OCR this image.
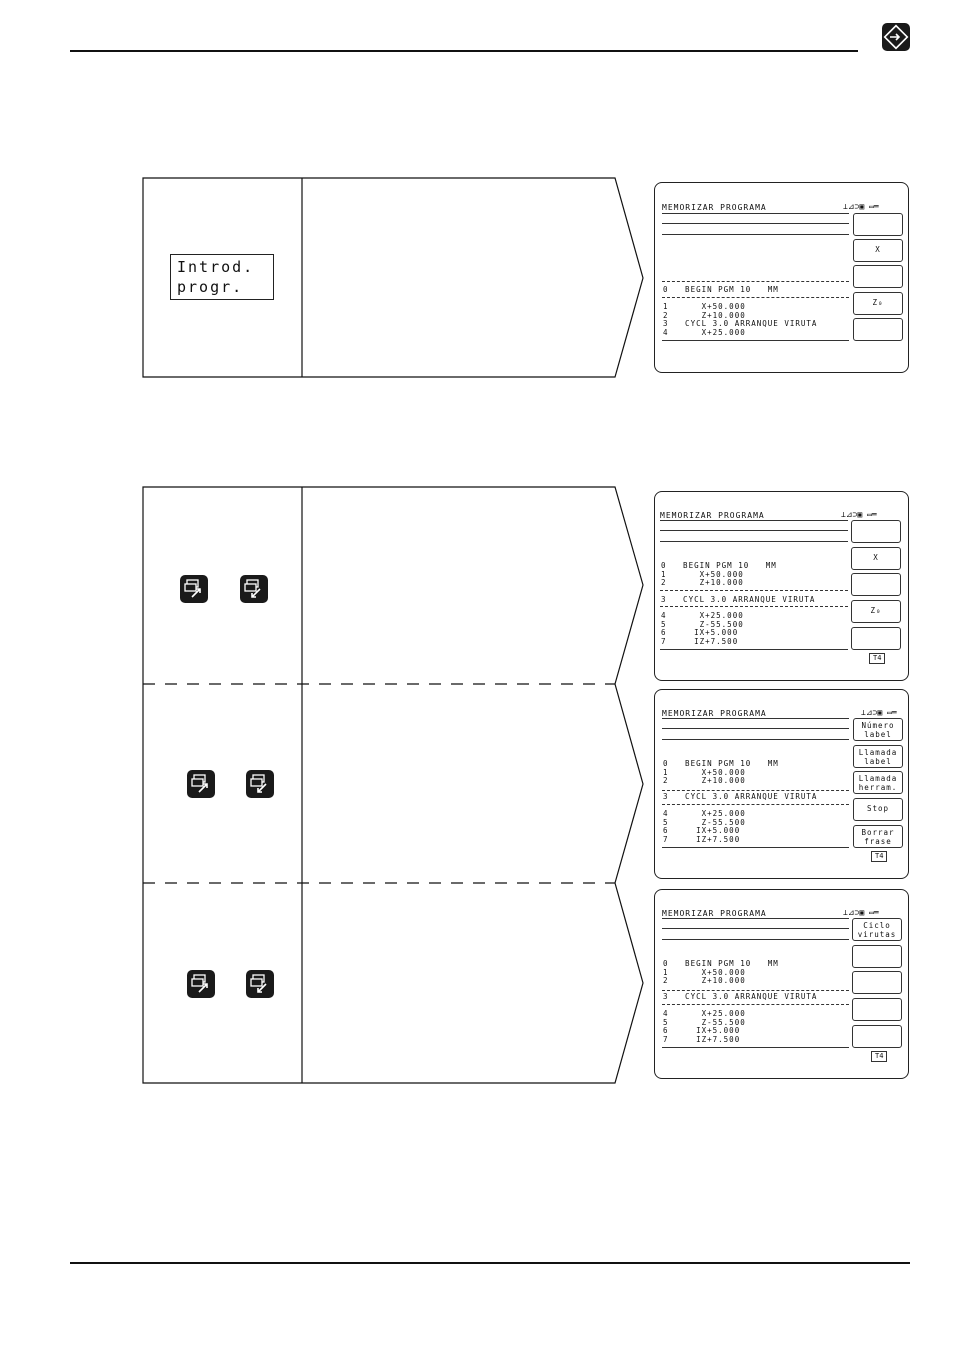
Introd.
progr.
MEMORIZAR PROGRAMA	⊥⊿⊃▣ ▭═
0   BEGIN PGM 10   MM
1      X+50.000
2      Z+10.000
3   CYCL 3.0 ARRANQUE VIRUTA
4      X+25.000
X
Z₀
MEMORIZAR PROGRAMA	⊥⊿⊃▣ ▭═
0   BEGIN PGM 10   MM
1      X+50.000
2      Z+10.000
3   CYCL 3.0 ARRANQUE VIRUTA
4      X+25.000
5      Z-55.500
6     IX+5.000
7     IZ+7.500
X
Z₀
T4
MEMORIZAR PROGRAMA	⊥⊿⊃▣ ▭═
0   BEGIN PGM 10   MM
1      X+50.000
2      Z+10.000
3   CYCL 3.0 ARRANQUE VIRUTA
4      X+25.000
5      Z-55.500
6     IX+5.000
7     IZ+7.500
Número
label
Llamada
label
Llamada
herram.
Stop
Borrar
frase
T4
MEMORIZAR PROGRAMA	⊥⊿⊃▣ ▭═
0   BEGIN PGM 10   MM
1      X+50.000
2      Z+10.000
3   CYCL 3.0 ARRANQUE VIRUTA
4      X+25.000
5      Z-55.500
6     IX+5.000
7     IZ+7.500
Ciclo
virutas
T4
